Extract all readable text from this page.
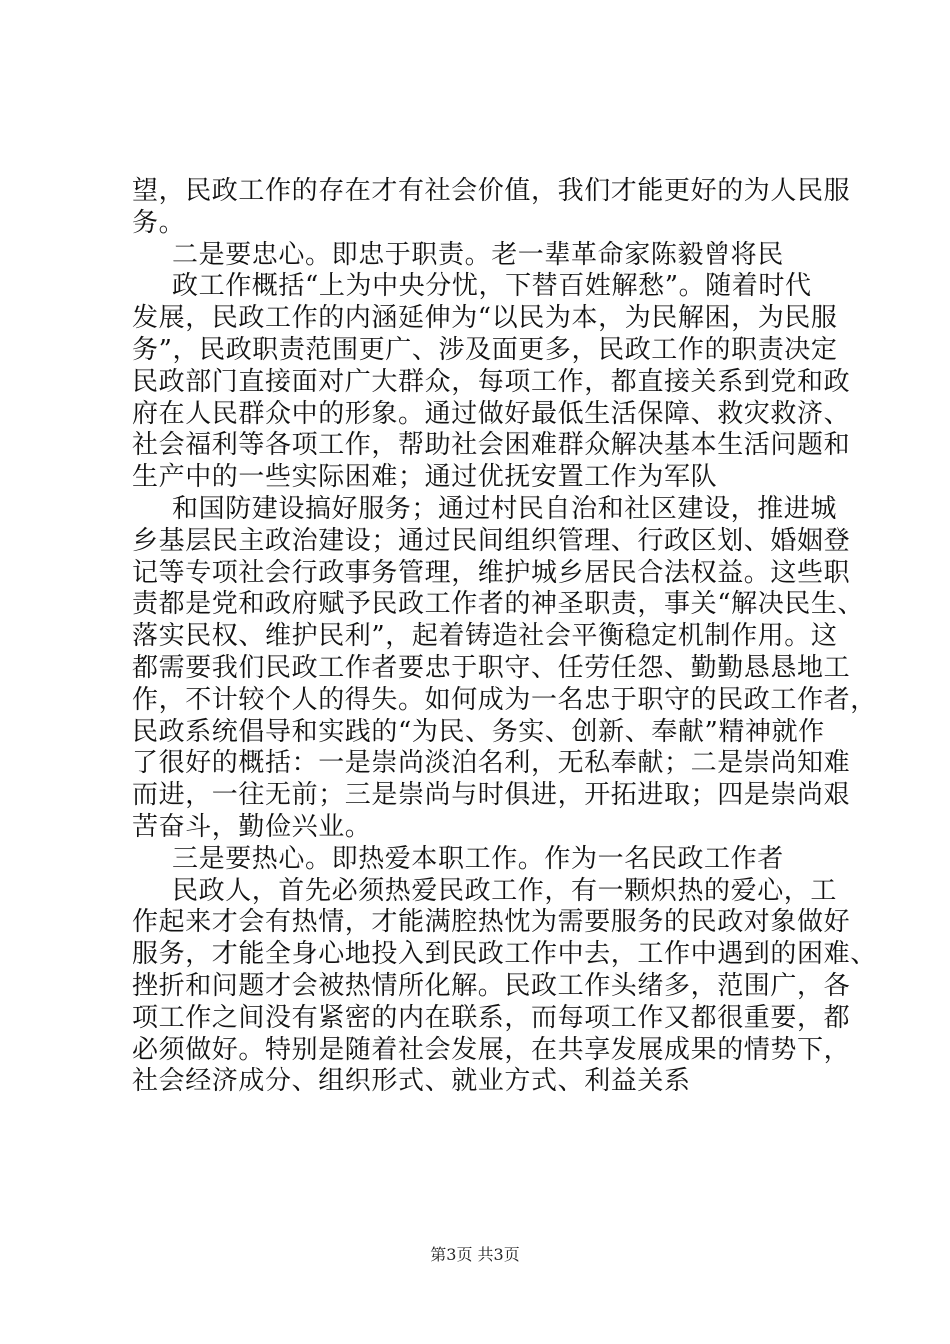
望，民政工作的存在才有社会价值，我们才能更好的为人民服
务。
二是要忠心。即忠于职责。老一辈革命家陈毅曾将民
政工作概括“上为中央分忧，下替百姓解愁”。随着时代
发展，民政工作的内涵延伸为“以民为本，为民解困，为民服
务”，民政职责范围更广、涉及面更多，民政工作的职责决定
民政部门直接面对广大群众，每项工作，都直接关系到党和政
府在人民群众中的形象。通过做好最低生活保障、救灾救济、
社会福利等各项工作，帮助社会困难群众解决基本生活问题和
生产中的一些实际困难；通过优抚安置工作为军队
和国防建设搞好服务；通过村民自治和社区建设，推进城
乡基层民主政治建设；通过民间组织管理、行政区划、婚姻登
记等专项社会行政事务管理，维护城乡居民合法权益。这些职
责都是党和政府赋予民政工作者的神圣职责，事关“解决民生、
落实民权、维护民利”，起着铸造社会平衡稳定机制作用。这
都需要我们民政工作者要忠于职守、任劳任怨、勤勤恳恳地工
作，不计较个人的得失。如何成为一名忠于职守的民政工作者，
民政系统倡导和实践的“为民、务实、创新、奉献”精神就作
了很好的概括：一是崇尚淡泊名利，无私奉献；二是崇尚知难
而进，一往无前；三是崇尚与时俱进，开拓进取；四是崇尚艰
苦奋斗，勤俭兴业。
三是要热心。即热爱本职工作。作为一名民政工作者
民政人，首先必须热爱民政工作，有一颗炽热的爱心，工
作起来才会有热情，才能满腔热忱为需要服务的民政对象做好
服务，才能全身心地投入到民政工作中去，工作中遇到的困难、
挫折和问题才会被热情所化解。民政工作头绪多，范围广，各
项工作之间没有紧密的内在联系，而每项工作又都很重要，都
必须做好。特别是随着社会发展，在共享发展成果的情势下，
社会经济成分、组织形式、就业方式、利益关系
第3页 共3页
